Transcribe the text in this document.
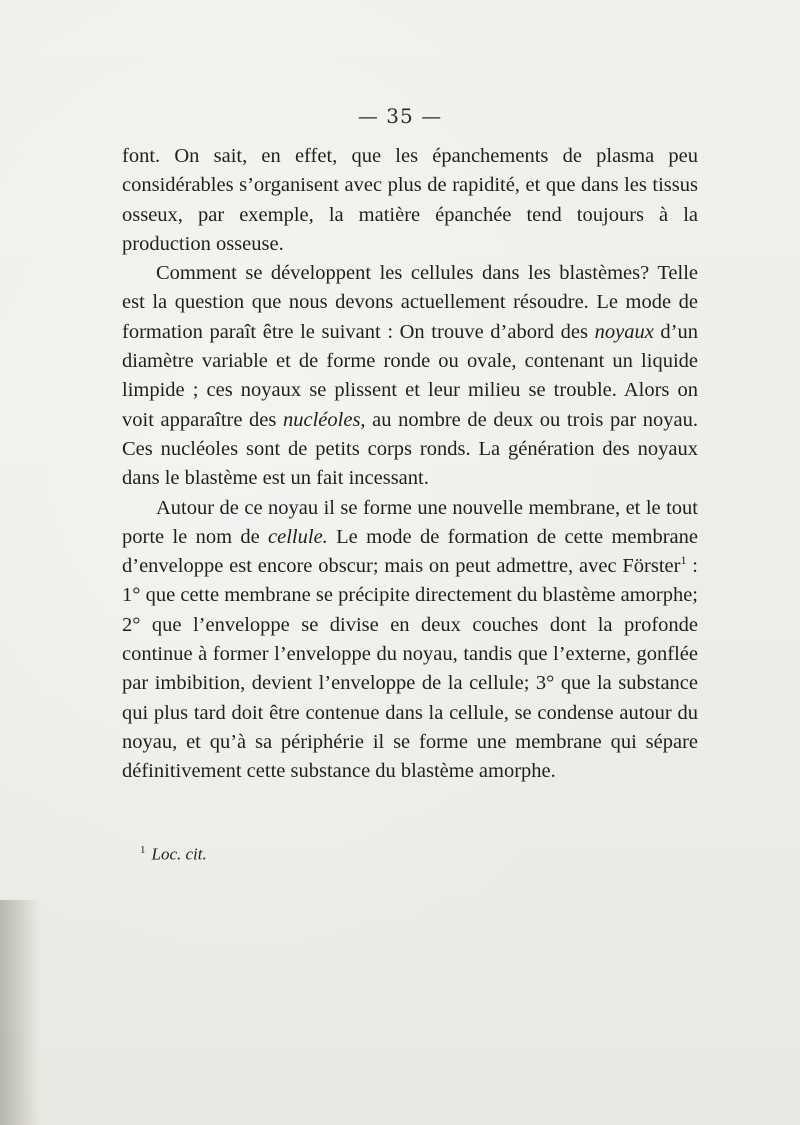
— 35 —

font. On sait, en effet, que les épanchements de plasma peu considérables s’organisent avec plus de rapidité, et que dans les tissus osseux, par exemple, la matière épanchée tend toujours à la production osseuse.

Comment se développent les cellules dans les blastèmes? Telle est la question que nous devons actuellement résoudre. Le mode de formation paraît être le suivant : On trouve d’abord des noyaux d’un diamètre variable et de forme ronde ou ovale, contenant un liquide limpide ; ces noyaux se plissent et leur milieu se trouble. Alors on voit apparaître des nucléoles, au nombre de deux ou trois par noyau. Ces nucléoles sont de petits corps ronds. La génération des noyaux dans le blastème est un fait incessant.

Autour de ce noyau il se forme une nouvelle membrane, et le tout porte le nom de cellule. Le mode de formation de cette membrane d’enveloppe est encore obscur; mais on peut admettre, avec Förster$^1$ : 1° que cette membrane se précipite directement du blastème amorphe; 2° que l’enveloppe se divise en deux couches dont la profonde continue à former l’enveloppe du noyau, tandis que l’externe, gonflée par imbibition, devient l’enveloppe de la cellule; 3° que la substance qui plus tard doit être contenue dans la cellule, se condense autour du noyau, et qu’à sa périphérie il se forme une membrane qui sépare définitivement cette substance du blastème amorphe.

$^1$ Loc. cit.
